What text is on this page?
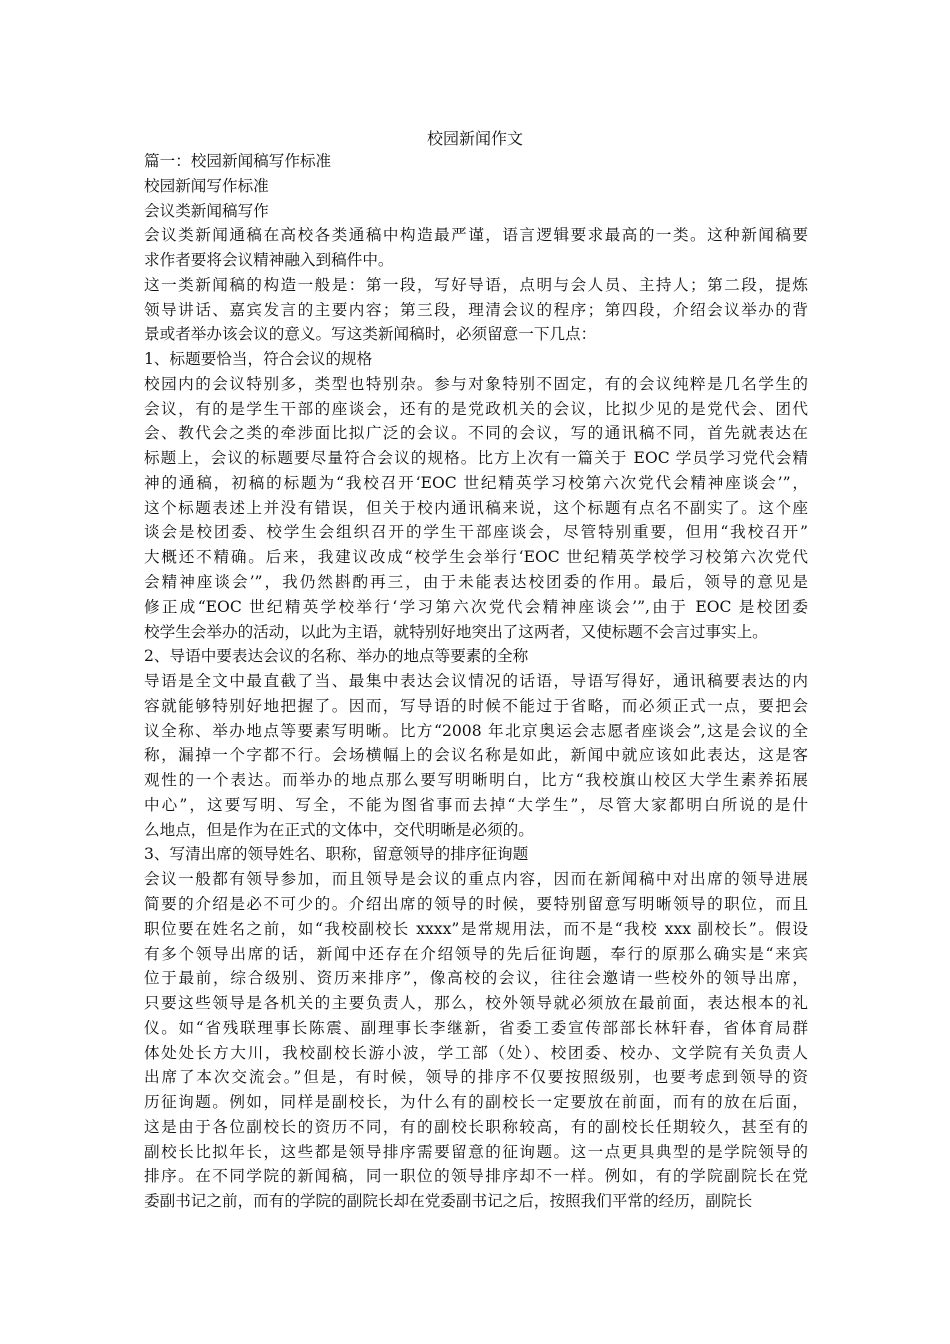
校园新闻作文
篇一：校园新闻稿写作标准
校园新闻写作标准
会议类新闻稿写作
会议类新闻通稿在高校各类通稿中构造最严谨，语言逻辑要求最高的一类。这种新闻稿要
求作者要将会议精神融入到稿件中。
这一类新闻稿的构造一般是：第一段，写好导语，点明与会人员、主持人；第二段，提炼
领导讲话、嘉宾发言的主要内容；第三段，理清会议的程序；第四段，介绍会议举办的背
景或者举办该会议的意义。写这类新闻稿时，必须留意一下几点：
1、标题要恰当，符合会议的规格
校园内的会议特别多，类型也特别杂。参与对象特别不固定，有的会议纯粹是几名学生的
会议，有的是学生干部的座谈会，还有的是党政机关的会议，比拟少见的是党代会、团代
会、教代会之类的牵涉面比拟广泛的会议。不同的会议，写的通讯稿不同，首先就表达在
标题上，会议的标题要尽量符合会议的规格。比方上次有一篇关于 EOC 学员学习党代会精
神的通稿，初稿的标题为“我校召开‘EOC 世纪精英学习校第六次党代会精神座谈会’”，
这个标题表述上并没有错误，但关于校内通讯稿来说，这个标题有点名不副实了。这个座
谈会是校团委、校学生会组织召开的学生干部座谈会，尽管特别重要，但用“我校召开”
大概还不精确。后来，我建议改成“校学生会举行‘EOC 世纪精英学校学习校第六次党代
会精神座谈会’”，我仍然斟酌再三，由于未能表达校团委的作用。最后，领导的意见是
修正成“EOC 世纪精英学校举行‘学习第六次党代会精神座谈会’”,由于 EOC 是校团委
校学生会举办的活动，以此为主语，就特别好地突出了这两者，又使标题不会言过事实上。
2、导语中要表达会议的名称、举办的地点等要素的全称
导语是全文中最直截了当、最集中表达会议情况的话语，导语写得好，通讯稿要表达的内
容就能够特别好地把握了。因而，写导语的时候不能过于省略，而必须正式一点，要把会
议全称、举办地点等要素写明晰。比方“2008 年北京奥运会志愿者座谈会”,这是会议的全
称，漏掉一个字都不行。会场横幅上的会议名称是如此，新闻中就应该如此表达，这是客
观性的一个表达。而举办的地点那么要写明晰明白，比方“我校旗山校区大学生素养拓展
中心”，这要写明、写全，不能为图省事而去掉“大学生”，尽管大家都明白所说的是什
么地点，但是作为在正式的文体中，交代明晰是必须的。
3、写清出席的领导姓名、职称，留意领导的排序征询题
会议一般都有领导参加，而且领导是会议的重点内容，因而在新闻稿中对出席的领导进展
简要的介绍是必不可少的。介绍出席的领导的时候，要特别留意写明晰领导的职位，而且
职位要在姓名之前，如“我校副校长 xxxx”是常规用法，而不是“我校 xxx 副校长”。假设
有多个领导出席的话，新闻中还存在介绍领导的先后征询题，奉行的原那么确实是“来宾
位于最前，综合级别、资历来排序”，像高校的会议，往往会邀请一些校外的领导出席，
只要这些领导是各机关的主要负责人，那么，校外领导就必须放在最前面，表达根本的礼
仪。如“省残联理事长陈震、副理事长李继新，省委工委宣传部部长林轩春，省体育局群
体处处长方大川，我校副校长游小波，学工部（处）、校团委、校办、文学院有关负责人
出席了本次交流会。”但是，有时候，领导的排序不仅要按照级别，也要考虑到领导的资
历征询题。例如，同样是副校长，为什么有的副校长一定要放在前面，而有的放在后面，
这是由于各位副校长的资历不同，有的副校长职称较高，有的副校长任期较久，甚至有的
副校长比拟年长，这些都是领导排序需要留意的征询题。这一点更具典型的是学院领导的
排序。在不同学院的新闻稿，同一职位的领导排序却不一样。例如，有的学院副院长在党
委副书记之前，而有的学院的副院长却在党委副书记之后，按照我们平常的经历，副院长
